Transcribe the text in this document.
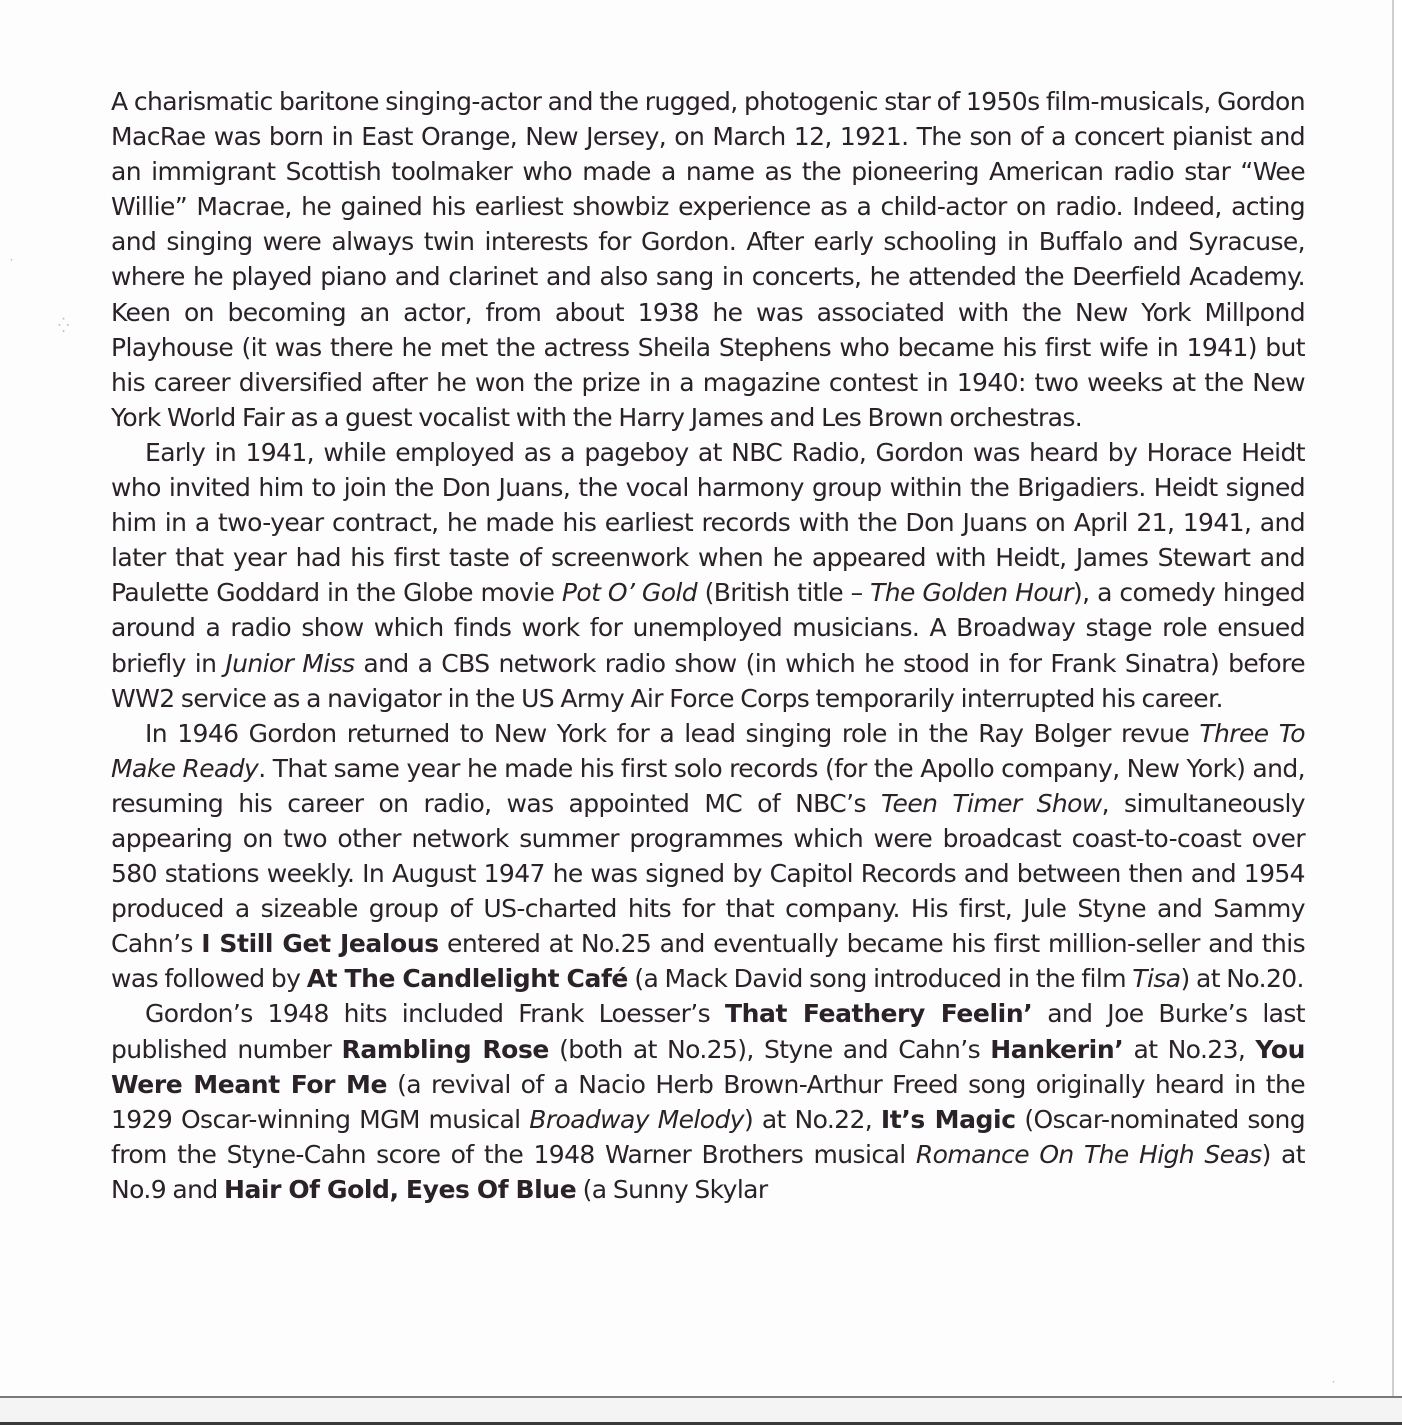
˙
⁛
˙

A charismatic baritone singing-actor and the rugged, photogenic star of 1950s film-musicals, Gordon MacRae was born in East Orange, New Jersey, on March 12, 1921. The son of a concert pianist and an immigrant Scottish toolmaker who made a name as the pioneering American radio star “Wee Willie” Macrae, he gained his earliest showbiz experience as a child-actor on radio. Indeed, acting and singing were always twin interests for Gordon. After early schooling in Buffalo and Syracuse, where he played piano and clarinet and also sang in concerts, he attended the Deerfield Academy. Keen on becoming an actor, from about 1938 he was associated with the New York Millpond Playhouse (it was there he met the actress Sheila Stephens who became his first wife in 1941) but his career diversified after he won the prize in a magazine contest in 1940: two weeks at the New York World Fair as a guest vocalist with the Harry James and Les Brown orchestras.

Early in 1941, while employed as a pageboy at NBC Radio, Gordon was heard by Horace Heidt who invited him to join the Don Juans, the vocal harmony group within the Brigadiers. Heidt signed him in a two-year contract, he made his earliest records with the Don Juans on April 21, 1941, and later that year had his first taste of screenwork when he appeared with Heidt, James Stewart and Paulette Goddard in the Globe movie Pot O’ Gold (British title – The Golden Hour), a comedy hinged around a radio show which finds work for unemployed musicians. A Broadway stage role ensued briefly in Junior Miss and a CBS network radio show (in which he stood in for Frank Sinatra) before WW2 service as a navigator in the US Army Air Force Corps temporarily interrupted his career.

In 1946 Gordon returned to New York for a lead singing role in the Ray Bolger revue Three To Make Ready. That same year he made his first solo records (for the Apollo company, New York) and, resuming his career on radio, was appointed MC of NBC’s Teen Timer Show, simultaneously appearing on two other network summer programmes which were broadcast coast-to-coast over 580 stations weekly. In August 1947 he was signed by Capitol Records and between then and 1954 produced a sizeable group of US-charted hits for that company. His first, Jule Styne and Sammy Cahn’s I Still Get Jealous entered at No.25 and eventually became his first million-seller and this was followed by At The Candlelight Café (a Mack David song introduced in the film Tisa) at No.20.

Gordon’s 1948 hits included Frank Loesser’s That Feathery Feelin’ and Joe Burke’s last published number Rambling Rose (both at No.25), Styne and Cahn’s Hankerin’ at No.23, You Were Meant For Me (a revival of a Nacio Herb Brown-Arthur Freed song originally heard in the 1929 Oscar-winning MGM musical Broadway Melody) at No.22, It’s Magic (Oscar-nominated song from the Styne-Cahn score of the 1948 Warner Brothers musical Romance On The High Seas) at No.9 and Hair Of Gold, Eyes Of Blue (a Sunny Skylar
